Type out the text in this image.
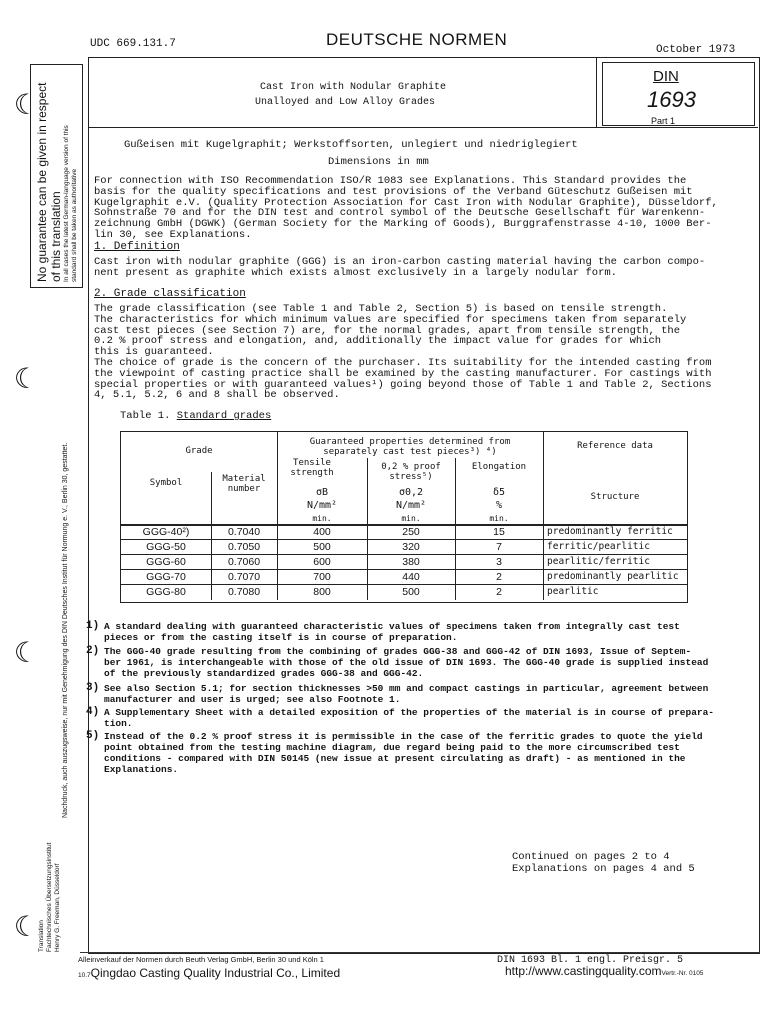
UDC 669.131.7	DEUTSCHE NORMEN
October 1973
DIN
1693
Part 1
Cast Iron with Nodular Graphite
Unalloyed and Low Alloy Grades
Gußeisen mit Kugelgraphit; Werkstoffsorten, unlegiert und niedriglegiert
Dimensions in mm
For connection with ISO Recommendation ISO/R 1083 see Explanations. This Standard provides the
basis for the quality specifications and test provisions of the Verband Güteschutz Gußeisen mit
Kugelgraphit e.V. (Quality Protection Association for Cast Iron with Nodular Graphite), Düsseldorf,
Sohnstraße 70 and for the DIN test and control symbol of the Deutsche Gesellschaft für Warenkenn-
zeichnung GmbH (DGWK) (German Society for the Marking of Goods), Burggrafenstrasse 4-10, 1000 Ber-
lin 30, see Explanations.
1. Definition
Cast iron with nodular graphite (GGG) is an iron-carbon casting material having the carbon compo-
nent present as graphite which exists almost exclusively in a largely nodular form.
2. Grade classification
The grade classification (see Table 1 and Table 2, Section 5) is based on tensile strength.
The characteristics for which minimum values are specified for specimens taken from separately
cast test pieces (see Section 7) are, for the normal grades, apart from tensile strength, the
0.2 % proof stress and elongation, and, additionally the impact value for grades for which
this is guaranteed.
The choice of grade is the concern of the purchaser. Its suitability for the intended casting from
the viewpoint of casting practice shall be examined by the casting manufacturer. For castings with
special properties or with guaranteed values¹) going beyond those of Table 1 and Table 2, Sections
4, 5.1, 5.2, 6 and 8 shall be observed.
Table 1. Standard grades
Grade
Guaranteed properties determined from
separately cast test pieces³) ⁴)
Reference data
Symbol	Material
number
Tensile
strength
0,2 % proof
stress⁵)
Elongation
Structure
σB	σ0,2	δ5
N/mm²	N/mm²	%
min.	min.	min.
GGG-40²)	0.7040	400	250	15	predominantly ferritic
GGG-50	0.7050	500	320	7	ferritic/pearlitic
GGG-60	0.7060	600	380	3	pearlitic/ferritic
GGG-70	0.7070	700	440	2	predominantly pearlitic
GGG-80	0.7080	800	500	2	pearlitic
1) A standard dealing with guaranteed characteristic values of specimens taken from integrally cast test
pieces or from the casting itself is in course of preparation.
2) The GGG-40 grade resulting from the combining of grades GGG-38 and GGG-42 of DIN 1693, Issue of Septem-
ber 1961, is interchangeable with those of the old issue of DIN 1693. The GGG-40 grade is supplied instead
of the previously standardized grades GGG-38 and GGG-42.
3) See also Section 5.1; for section thicknesses >50 mm and compact castings in particular, agreement between
manufacturer and user is urged; see also Footnote 1.
4) A Supplementary Sheet with a detailed exposition of the properties of the material is in course of prepara-
tion.
5) Instead of the 0.2 % proof stress it is permissible in the case of the ferritic grades to quote the yield
point obtained from the testing machine diagram, due regard being paid to the more circumscribed test
conditions - compared with DIN 50145 (new issue at present circulating as draft) - as mentioned in the
Explanations.
Continued on pages 2 to 4
Explanations on pages 4 and 5
Alleinverkauf der Normen durch Beuth Verlag GmbH, Berlin 30 und Köln 1	DIN 1693 Bl. 1 engl. Preisgr. 5
10.7Qingdao Casting Quality Industrial Co., Limited	http://www.castingquality.comVertr.-Nr. 0105
No guarantee can be given in respect of this translation In all cases the latest German-language version of this standard shall be taken as authoritative
Nachdruck, auch auszugsweise, nur mit Genehmigung des DIN Deutsches Institut für Normung e. V., Berlin 30, gestattet.
Translation
Fachtechnisches Übersetzungsinstitut
Henry G. Freeman, Düsseldorf
☾
☾
☾
☾
